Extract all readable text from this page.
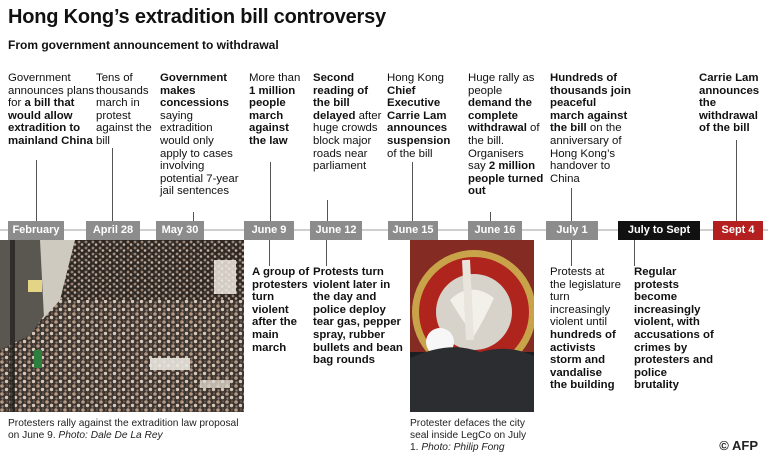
Hong Kong’s extradition bill controversy
From government announcement to withdrawal
Government announces plans for a bill that would allow extradition to mainland China
Tens of thousands march in protest against the bill
Government makes concessions saying extradition would only apply to cases involving potential 7-year jail sentences
More than 1 million people march against the law
Second reading of the bill delayed after huge crowds block major roads near parliament
Hong Kong Chief Executive Carrie Lam announces suspension of the bill
Huge rally as people demand the complete withdrawal of the bill. Organisers say 2 million people turned out
Hundreds of thousands join peaceful march against the bill on the anniversary of Hong Kong’s handover to China
Carrie Lam announces the withdrawal of the bill
February	April 28	May 30	June 9	June 12	June 15	June 16	July 1	July to Sept	Sept 4
A group of protesters turn violent after the main march
Protests turn violent later in the day and police deploy tear gas, pepper spray, rubber bullets and bean bag rounds
Protests at the legislature turn increasingly violent until hundreds of activists storm and vandalise the building
Regular protests become increasingly violent, with accusations of crimes by protesters and police brutality
Protesters rally against the extradition law proposal on June 9. Photo: Dale De La Rey
Protester defaces the city seal inside LegCo on July 1. Photo: Philip Fong	© AFP
